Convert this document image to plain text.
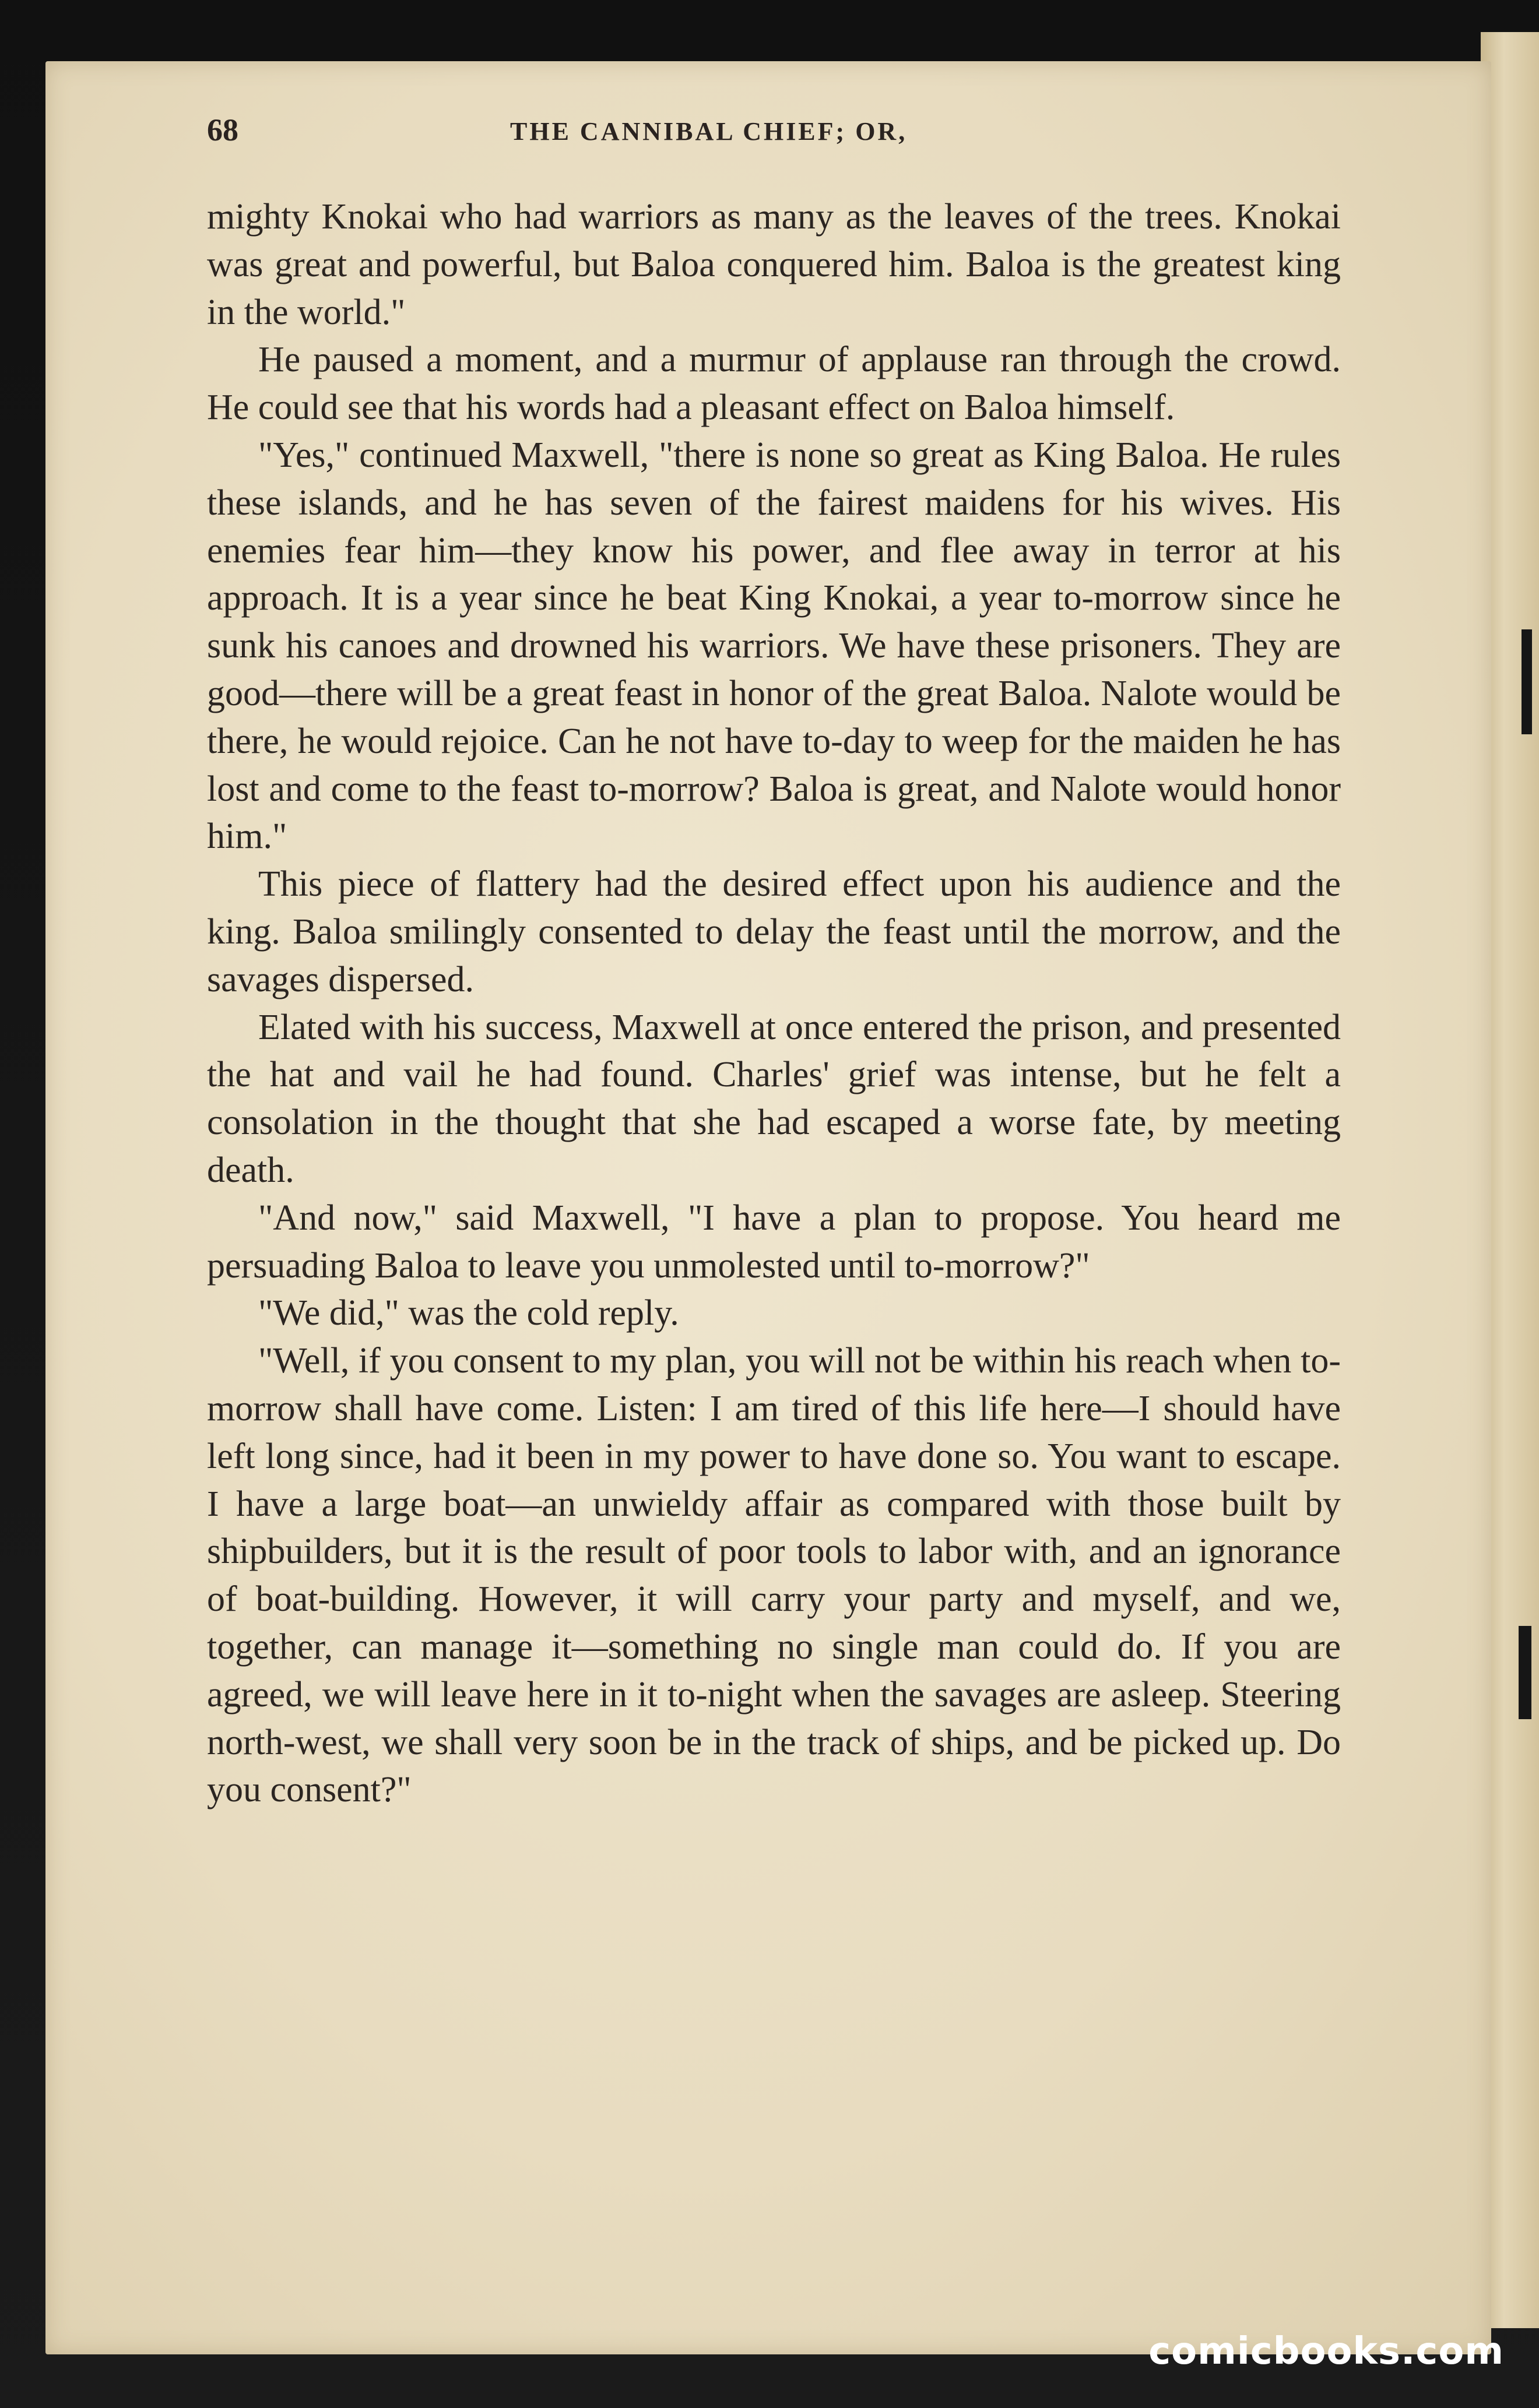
68	THE CANNIBAL CHIEF; OR,

mighty Knokai who had warriors as many as the leaves of the trees. Knokai was great and powerful, but Baloa conquered him. Baloa is the greatest king in the world."

He paused a moment, and a murmur of applause ran through the crowd. He could see that his words had a pleasant effect on Baloa himself.

"Yes," continued Maxwell, "there is none so great as King Baloa. He rules these islands, and he has seven of the fairest maidens for his wives. His enemies fear him—they know his power, and flee away in terror at his approach. It is a year since he beat King Knokai, a year to-morrow since he sunk his canoes and drowned his warriors. We have these prisoners. They are good—there will be a great feast in honor of the great Baloa. Nalote would be there, he would rejoice. Can he not have to-day to weep for the maiden he has lost and come to the feast to-morrow? Baloa is great, and Nalote would honor him."

This piece of flattery had the desired effect upon his audience and the king. Baloa smilingly consented to delay the feast until the morrow, and the savages dispersed.

Elated with his success, Maxwell at once entered the prison, and presented the hat and vail he had found. Charles' grief was intense, but he felt a consolation in the thought that she had escaped a worse fate, by meeting death.

"And now," said Maxwell, "I have a plan to propose. You heard me persuading Baloa to leave you unmolested until to-morrow?"

"We did," was the cold reply.

"Well, if you consent to my plan, you will not be within his reach when to-morrow shall have come. Listen: I am tired of this life here—I should have left long since, had it been in my power to have done so. You want to escape. I have a large boat—an unwieldy affair as compared with those built by shipbuilders, but it is the result of poor tools to labor with, and an ignorance of boat-building. However, it will carry your party and myself, and we, together, can manage it—something no single man could do. If you are agreed, we will leave here in it to-night when the savages are asleep. Steering north-west, we shall very soon be in the track of ships, and be picked up. Do you consent?"

comicbooks.com
